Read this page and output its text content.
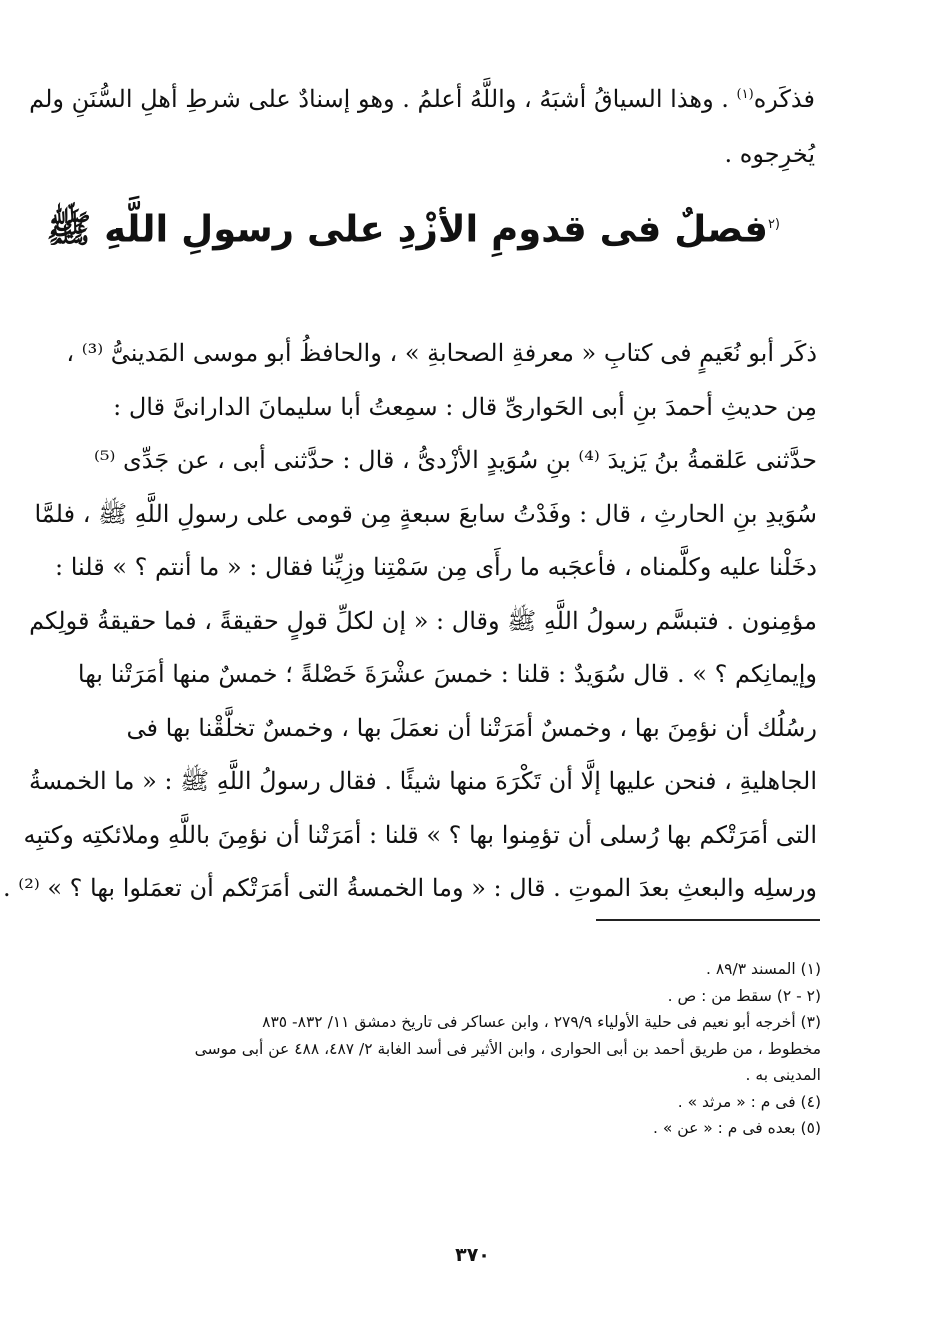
فذكَره$^{(١)}$ . وهذا السياقُ أشبَهُ ، واللَّهُ أعلمُ . وهو إسنادٌ على شرطِ أهلِ السُّنَنِ ولم
يُخرِجوه .
$^{(٢}$فصلٌ فى قدومِ الأزْدِ على رسولِ اللَّهِ ﷺ
ذكَر أبو نُعَيمٍ فى كتابِ « معرفةِ الصحابةِ » ، والحافظُ أبو موسى المَدينىُّ ⁽³⁾ ،
مِن حديثِ أحمدَ بنِ أبى الحَوارىِّ قال : سمِعتُ أبا سليمانَ الدارانىَّ قال :
حدَّثنى عَلقمةُ بنُ يَزيدَ ⁽⁴⁾ بنِ سُوَيدٍ الأزْدىُّ ، قال : حدَّثنى أبى ، عن جَدِّى ⁽⁵⁾
سُوَيدِ بنِ الحارثِ ، قال : وفَدْتُ سابعَ سبعةٍ مِن قومى على رسولِ اللَّهِ ﷺ ، فلمَّا
دخَلْنا عليه وكلَّمناه ، فأعجَبه ما رأَى مِن سَمْتِنا وزِيِّنا فقال : « ما أنتم ؟ » قلنا :
مؤمِنون . فتبسَّم رسولُ اللَّهِ ﷺ وقال : « إن لكلِّ قولٍ حقيقةً ، فما حقيقةُ قولِكم
وإيمانِكم ؟ » . قال سُوَيدٌ : قلنا : خمسَ عشْرَةَ خَصْلةً ؛ خمسٌ منها أمَرَتْنا بها
رسُلُك أن نؤمِنَ بها ، وخمسٌ أمَرَتْنا أن نعمَلَ بها ، وخمسٌ تخلَّقْنا بها فى
الجاهليةِ ، فنحن عليها إلَّا أن تَكْرَهَ منها شيئًا . فقال رسولُ اللَّهِ ﷺ : « ما الخمسةُ
التى أمَرَتْكم بها رُسلى أن تؤمِنوا بها ؟ » قلنا : أمَرَتْنا أن نؤمِنَ باللَّهِ وملائكتِه وكتبِه
ورسلِه والبعثِ بعدَ الموتِ . قال : « وما الخمسةُ التى أمَرَتْكم أن تعمَلوا بها ؟ » ⁽²⁾ .
(١) المسند ٨٩/٣ .
(٢ - ٢) سقط من : ص .
(٣) أخرجه أبو نعيم فى حلية الأولياء ٢٧٩/٩ ، وابن عساكر فى تاريخ دمشق ١١/ ٨٣٢- ٨٣٥
مخطوط ، من طريق أحمد بن أبى الحوارى ، وابن الأثير فى أسد الغابة ٢/ ٤٨٧، ٤٨٨ عن أبى موسى
المدينى به .
(٤) فى م : « مرثد » .
(٥) بعده فى م : « عن » .
٣٧٠
